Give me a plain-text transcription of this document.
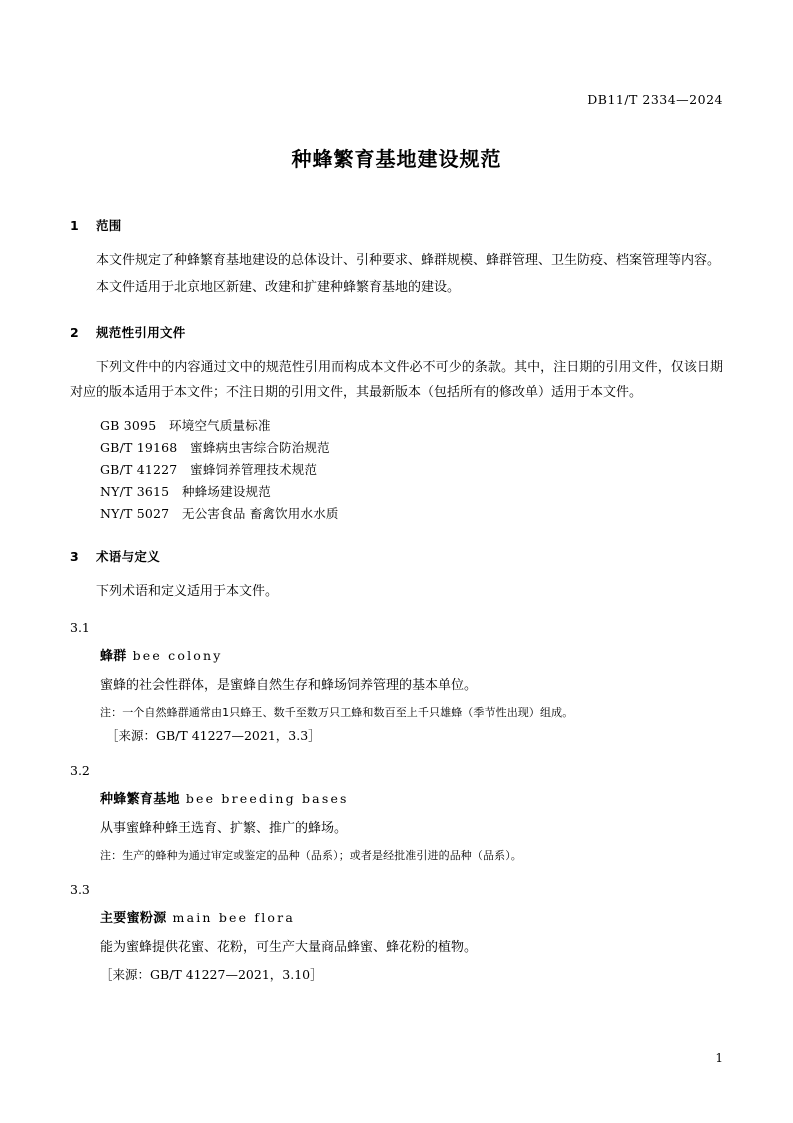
DB11/T 2334—2024
种蜂繁育基地建设规范
1 范围

本文件规定了种蜂繁育基地建设的总体设计、引种要求、蜂群规模、蜂群管理、卫生防疫、档案管理等内容。

本文件适用于北京地区新建、改建和扩建种蜂繁育基地的建设。

2 规范性引用文件

下列文件中的内容通过文中的规范性引用而构成本文件必不可少的条款。其中，注日期的引用文件，仅该日期对应的版本适用于本文件；不注日期的引用文件，其最新版本（包括所有的修改单）适用于本文件。

GB 3095　环境空气质量标准
GB/T 19168　蜜蜂病虫害综合防治规范
GB/T 41227　蜜蜂饲养管理技术规范
NY/T 3615　种蜂场建设规范
NY/T 5027　无公害食品 畜禽饮用水水质
3 术语与定义

下列术语和定义适用于本文件。

3.1
蜂群 bee colony

蜜蜂的社会性群体，是蜜蜂自然生存和蜂场饲养管理的基本单位。

注：一个自然蜂群通常由1只蜂王、数千至数万只工蜂和数百至上千只雄蜂（季节性出现）组成。

［来源：GB/T 41227—2021，3.3］

3.2
种蜂繁育基地 bee breeding bases

从事蜜蜂种蜂王选育、扩繁、推广的蜂场。

注：生产的蜂种为通过审定或鉴定的品种（品系）；或者是经批准引进的品种（品系）。

3.3
主要蜜粉源 main bee flora

能为蜜蜂提供花蜜、花粉，可生产大量商品蜂蜜、蜂花粉的植物。

［来源：GB/T 41227—2021，3.10］

1
